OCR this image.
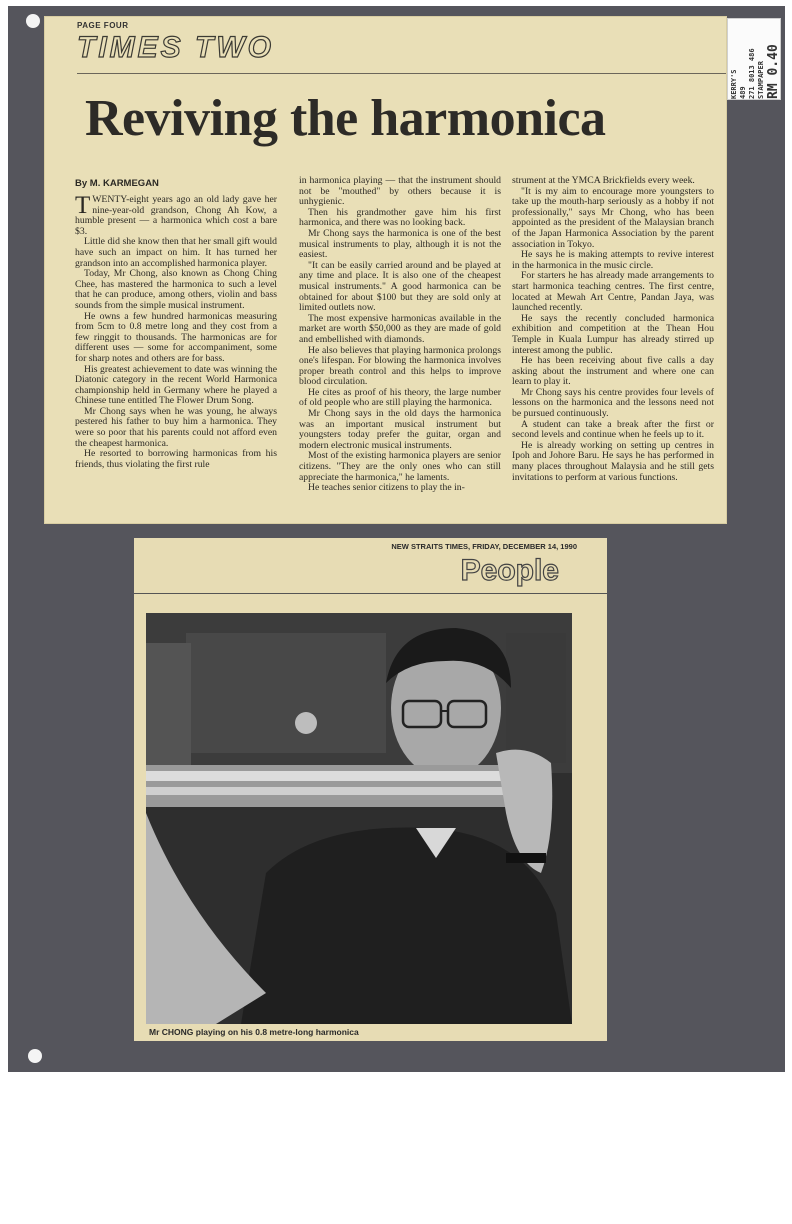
PAGE FOUR
TIMES TWO
Reviving the harmonica
By M. KARMEGAN

TWENTY-eight years ago an old lady gave her nine-year-old grandson, Chong Ah Kow, a humble present — a harmonica which cost a bare $3.

Little did she know then that her small gift would have such an impact on him. It has turned her grandson into an accomplished harmonica player.

Today, Mr Chong, also known as Chong Ching Chee, has mastered the harmonica to such a level that he can produce, among others, violin and bass sounds from the simple musical instrument.

He owns a few hundred harmonicas measuring from 5cm to 0.8 metre long and they cost from a few ringgit to thousands. The harmonicas are for different uses — some for accompaniment, some for sharp notes and others are for bass.

His greatest achievement to date was winning the Diatonic category in the recent World Harmonica championship held in Germany where he played a Chinese tune entitled The Flower Drum Song.

Mr Chong says when he was young, he always pestered his father to buy him a harmonica. They were so poor that his parents could not afford even the cheapest harmonica.

He resorted to borrowing harmonicas from his friends, thus violating the first rule

in harmonica playing — that the instrument should not be "mouthed" by others because it is unhygienic.

Then his grandmother gave him his first harmonica, and there was no looking back.

Mr Chong says the harmonica is one of the best musical instruments to play, although it is not the easiest.

"It can be easily carried around and be played at any time and place. It is also one of the cheapest musical instruments." A good harmonica can be obtained for about $100 but they are sold only at limited outlets now.

The most expensive harmonicas available in the market are worth $50,000 as they are made of gold and embellished with diamonds.

He also believes that playing harmonica prolongs one's lifespan. For blowing the harmonica involves proper breath control and this helps to improve blood circulation.

He cites as proof of his theory, the large number of old people who are still playing the harmonica.

Mr Chong says in the old days the harmonica was an important musical instrument but youngsters today prefer the guitar, organ and modern electronic musical instruments.

Most of the existing harmonica players are senior citizens. "They are the only ones who can still appreciate the harmonica," he laments.

He teaches senior citizens to play the in-

strument at the YMCA Brickfields every week.

"It is my aim to encourage more youngsters to take up the mouth-harp seriously as a hobby if not professionally," says Mr Chong, who has been appointed as the president of the Malaysian branch of the Japan Harmonica Association by the parent association in Tokyo.

He says he is making attempts to revive interest in the harmonica in the music circle.

For starters he has already made arrangements to start harmonica teaching centres. The first centre, located at Mewah Art Centre, Pandan Jaya, was launched recently.

He says the recently concluded harmonica exhibition and competition at the Thean Hou Temple in Kuala Lumpur has already stirred up interest among the public.

He has been receiving about five calls a day asking about the instrument and where one can learn to play it.

Mr Chong says his centre provides four levels of lessons on the harmonica and the lessons need not be pursued continuously.

A student can take a break after the first or second levels and continue when he feels up to it.

He is already working on setting up centres in Ipoh and Johore Baru. He says he has performed in many places throughout Malaysia and he still gets invitations to perform at various functions.

KERRY'S 489 271 8013 486 STAMPAPER RM 0.40
NEW STRAITS TIMES, FRIDAY, DECEMBER 14, 1990
People
Mr CHONG playing on his 0.8 metre-long harmonica
